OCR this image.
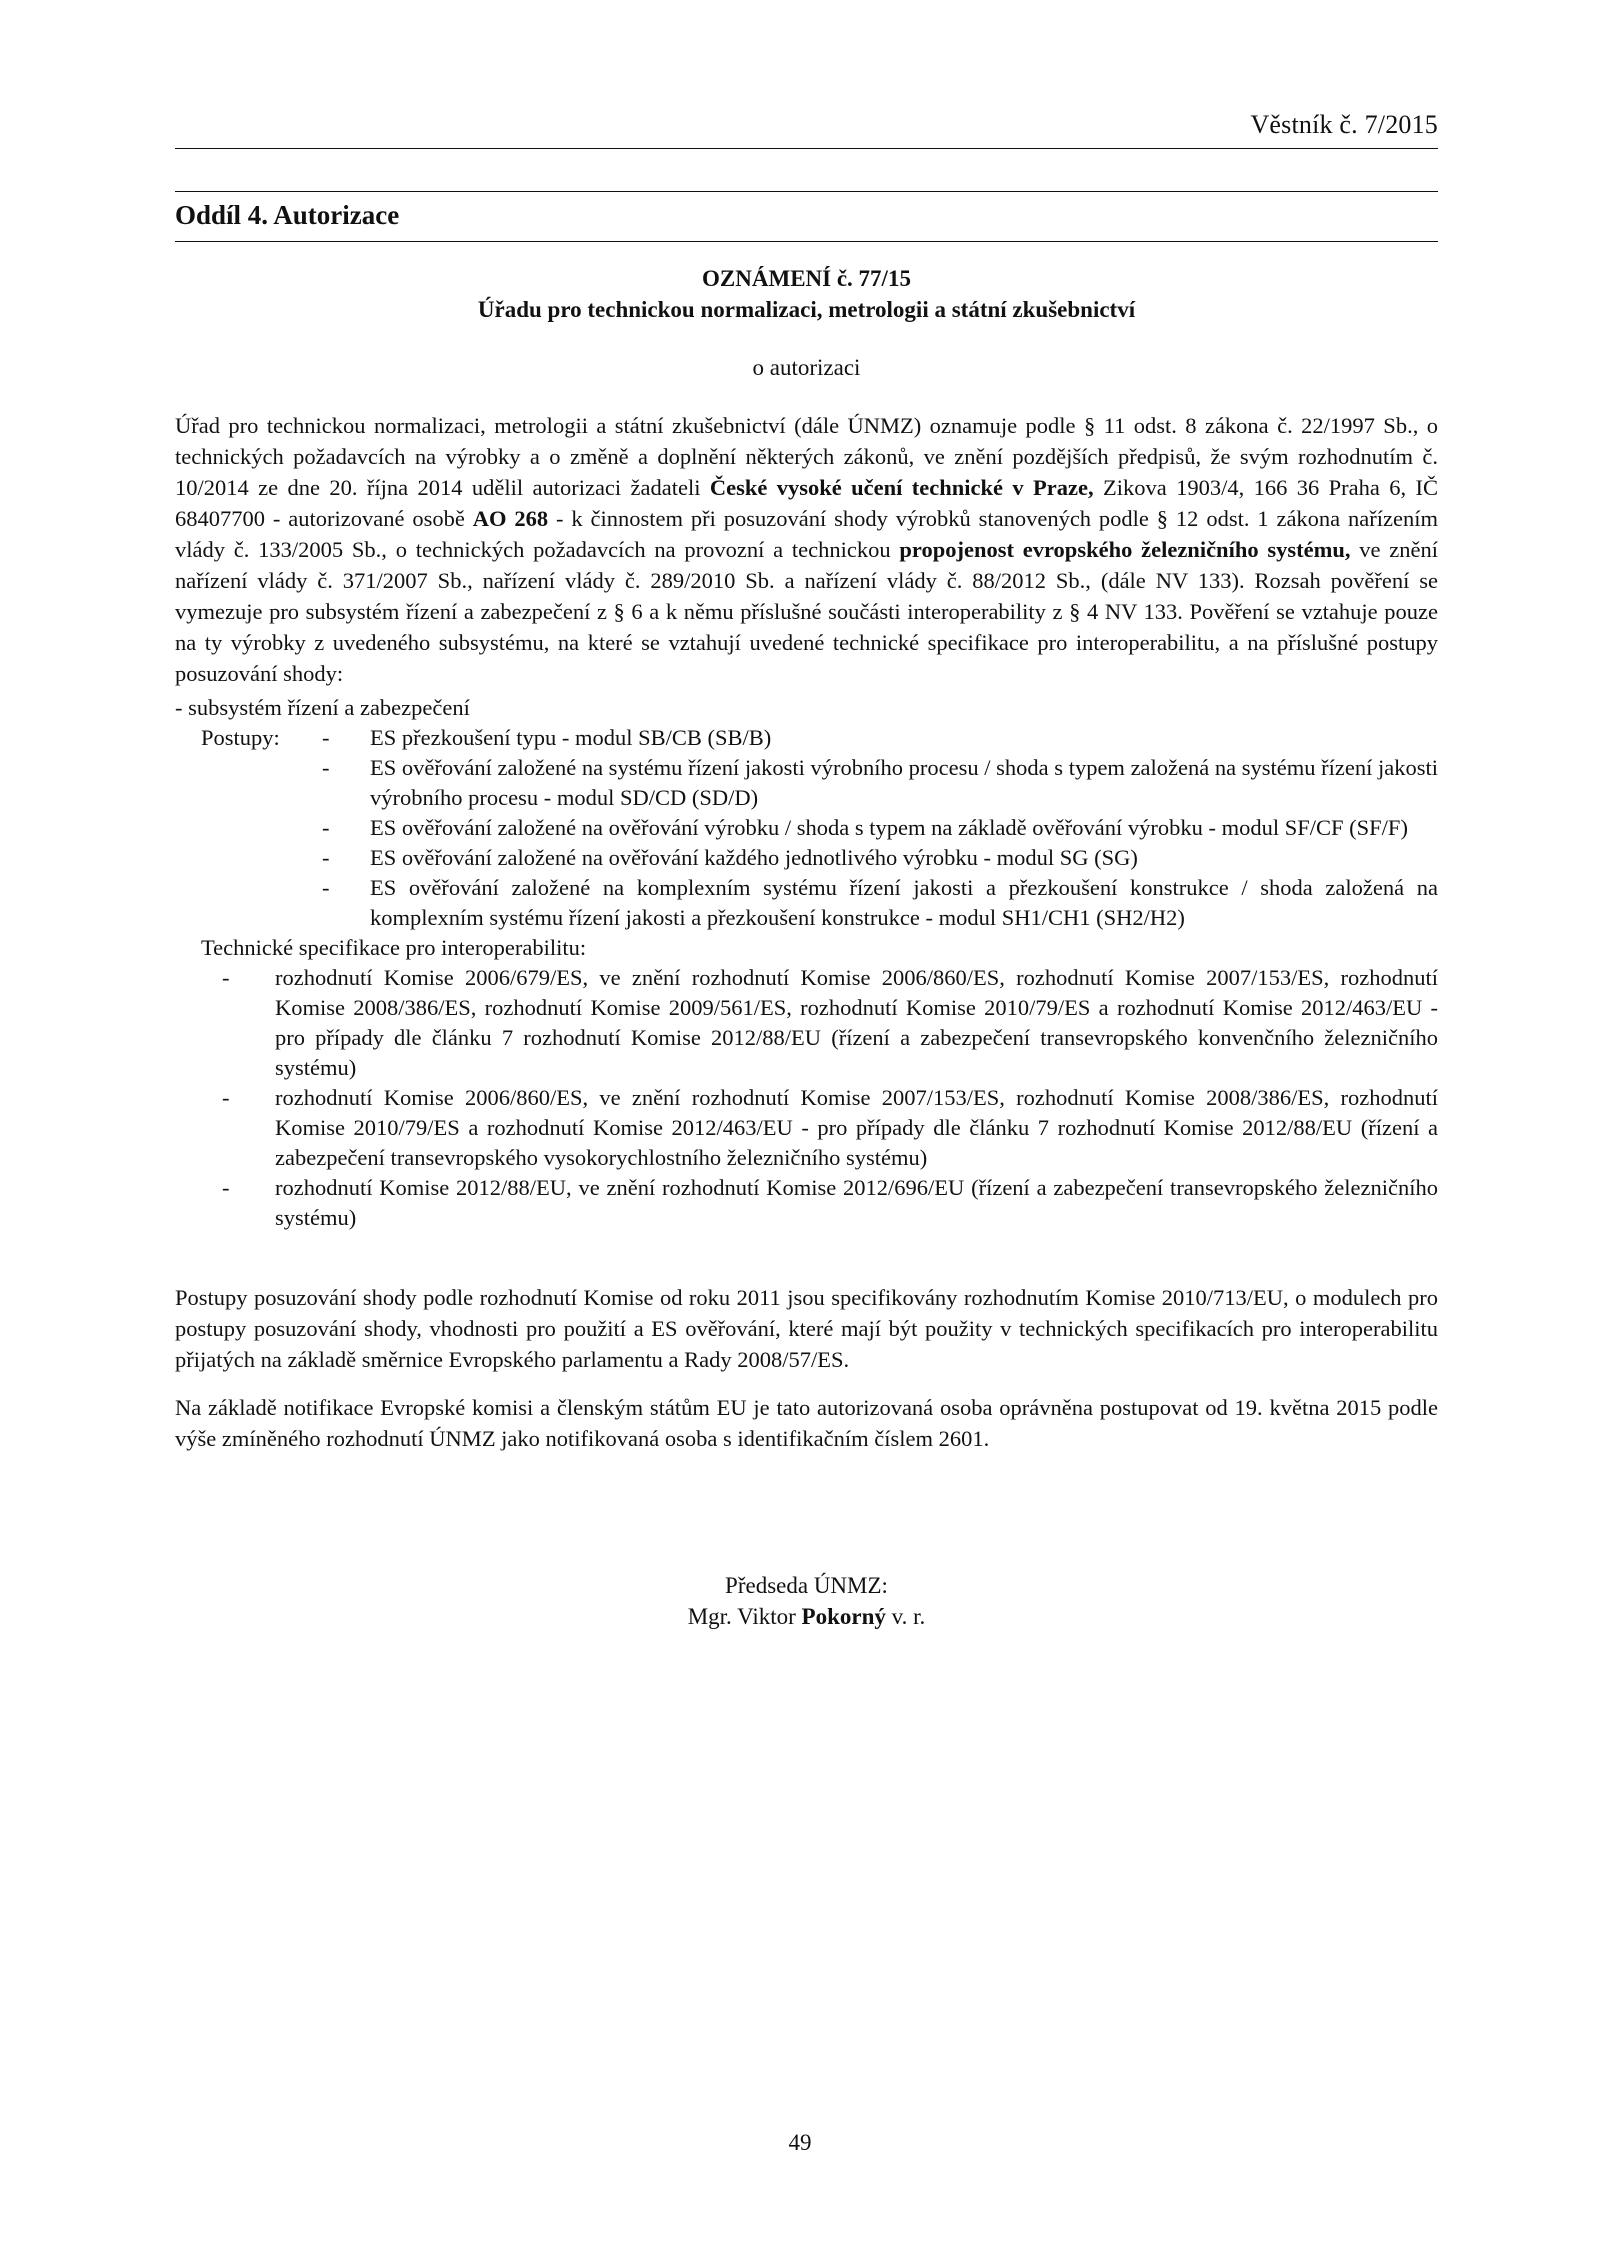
Věstník č. 7/2015
Oddíl 4. Autorizace
OZNÁMENÍ č. 77/15
Úřadu pro technickou normalizaci, metrologii a státní zkušebnictví
o autorizaci
Úřad pro technickou normalizaci, metrologii a státní zkušebnictví (dále ÚNMZ) oznamuje podle § 11 odst. 8 zákona č. 22/1997 Sb., o technických požadavcích na výrobky a o změně a doplnění některých zákonů, ve znění pozdějších předpisů, že svým rozhodnutím č. 10/2014 ze dne 20. října 2014 udělil autorizaci žadateli České vysoké učení technické v Praze, Zikova 1903/4, 166 36 Praha 6, IČ 68407700 - autorizované osobě AO 268 - k činnostem při posuzování shody výrobků stanovených podle § 12 odst. 1 zákona nařízením vlády č. 133/2005 Sb., o technických požadavcích na provozní a technickou propojenost evropského železničního systému, ve znění nařízení vlády č. 371/2007 Sb., nařízení vlády č. 289/2010 Sb. a nařízení vlády č. 88/2012 Sb., (dále NV 133). Rozsah pověření se vymezuje pro subsystém řízení a zabezpečení z § 6 a k němu příslušné součásti interoperability z § 4 NV 133. Pověření se vztahuje pouze na ty výrobky z uvedeného subsystému, na které se vztahují uvedené technické specifikace pro interoperabilitu, a na příslušné postupy posuzování shody:
- subsystém řízení a zabezpečení
Postupy: - ES přezkoušení typu - modul SB/CB (SB/B)
- ES ověřování založené na systému řízení jakosti výrobního procesu / shoda s typem založená na systému řízení jakosti výrobního procesu - modul SD/CD (SD/D)
- ES ověřování založené na ověřování výrobku / shoda s typem na základě ověřování výrobku - modul SF/CF (SF/F)
- ES ověřování založené na ověřování každého jednotlivého výrobku - modul SG (SG)
- ES ověřování založené na komplexním systému řízení jakosti a přezkoušení konstrukce / shoda založená na komplexním systému řízení jakosti a přezkoušení konstrukce - modul SH1/CH1 (SH2/H2)
Technické specifikace pro interoperabilitu:
- rozhodnutí Komise 2006/679/ES, ve znění rozhodnutí Komise 2006/860/ES, rozhodnutí Komise 2007/153/ES, rozhodnutí Komise 2008/386/ES, rozhodnutí Komise 2009/561/ES, rozhodnutí Komise 2010/79/ES a rozhodnutí Komise 2012/463/EU - pro případy dle článku 7 rozhodnutí Komise 2012/88/EU (řízení a zabezpečení transevropského konvenčního železničního systému)
- rozhodnutí Komise 2006/860/ES, ve znění rozhodnutí Komise 2007/153/ES, rozhodnutí Komise 2008/386/ES, rozhodnutí Komise 2010/79/ES a rozhodnutí Komise 2012/463/EU - pro případy dle článku 7 rozhodnutí Komise 2012/88/EU (řízení a zabezpečení transevropského vysokorychlostního železničního systému)
- rozhodnutí Komise 2012/88/EU, ve znění rozhodnutí Komise 2012/696/EU (řízení a zabezpečení transevropského železničního systému)
Postupy posuzování shody podle rozhodnutí Komise od roku 2011 jsou specifikovány rozhodnutím Komise 2010/713/EU, o modulech pro postupy posuzování shody, vhodnosti pro použití a ES ověřování, které mají být použity v technických specifikacích pro interoperabilitu přijatých na základě směrnice Evropského parlamentu a Rady 2008/57/ES.
Na základě notifikace Evropské komisi a členským státům EU je tato autorizovaná osoba oprávněna postupovat od 19. května 2015 podle výše zmíněného rozhodnutí ÚNMZ jako notifikovaná osoba s identifikačním číslem 2601.
Předseda ÚNMZ:
Mgr. Viktor Pokorný v. r.
49
